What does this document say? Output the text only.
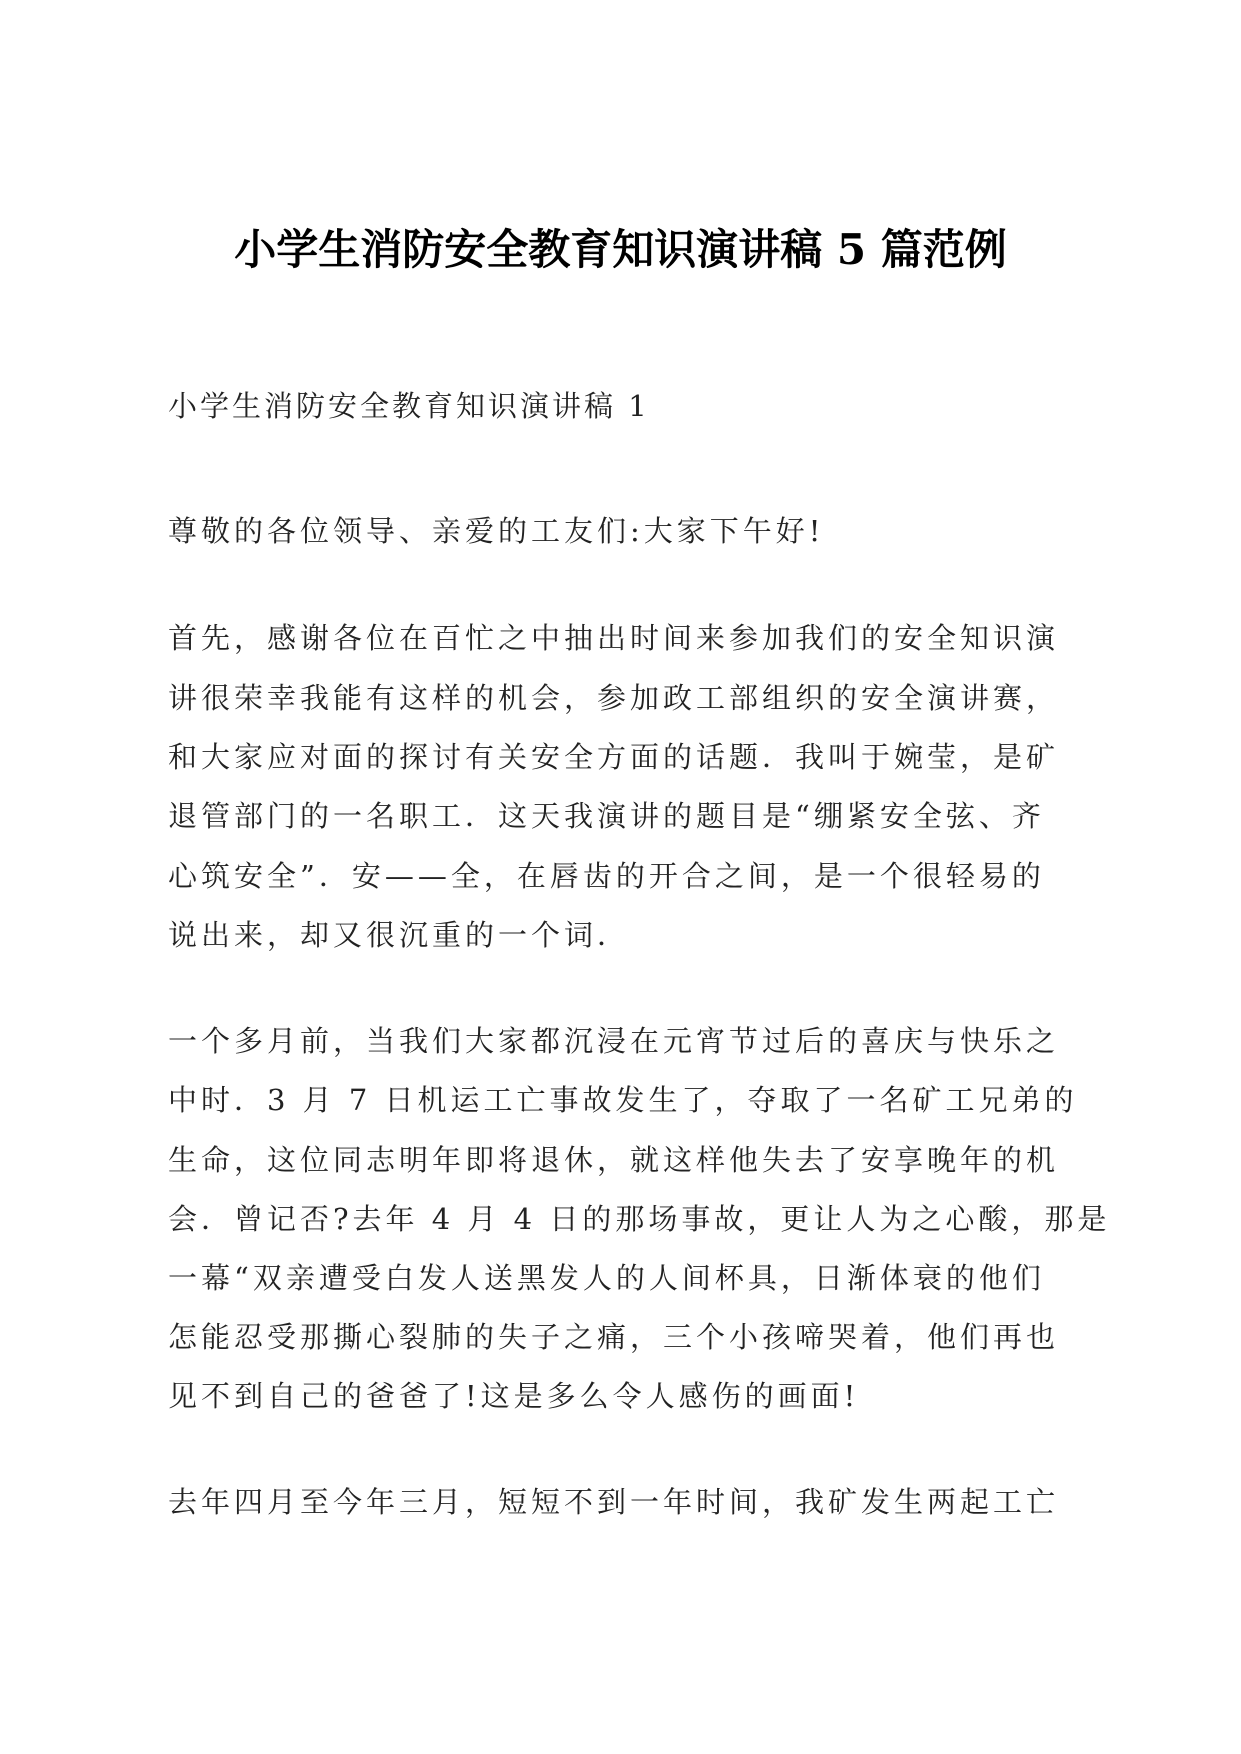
小学生消防安全教育知识演讲稿 5 篇范例

小学生消防安全教育知识演讲稿 1

尊敬的各位领导、亲爱的工友们:大家下午好!

首先，感谢各位在百忙之中抽出时间来参加我们的安全知识演

讲很荣幸我能有这样的机会，参加政工部组织的安全演讲赛，

和大家应对面的探讨有关安全方面的话题．我叫于婉莹，是矿

退管部门的一名职工．这天我演讲的题目是“绷紧安全弦、齐

心筑安全”．安——全，在唇齿的开合之间，是一个很轻易的

说出来，却又很沉重的一个词．

一个多月前，当我们大家都沉浸在元宵节过后的喜庆与快乐之

中时．3 月 7 日机运工亡事故发生了，夺取了一名矿工兄弟的

生命，这位同志明年即将退休，就这样他失去了安享晚年的机

会．曾记否?去年 4 月 4 日的那场事故，更让人为之心酸，那是

一幕“双亲遭受白发人送黑发人的人间杯具，日渐体衰的他们

怎能忍受那撕心裂肺的失子之痛，三个小孩啼哭着，他们再也

见不到自己的爸爸了!这是多么令人感伤的画面!

去年四月至今年三月，短短不到一年时间，我矿发生两起工亡
